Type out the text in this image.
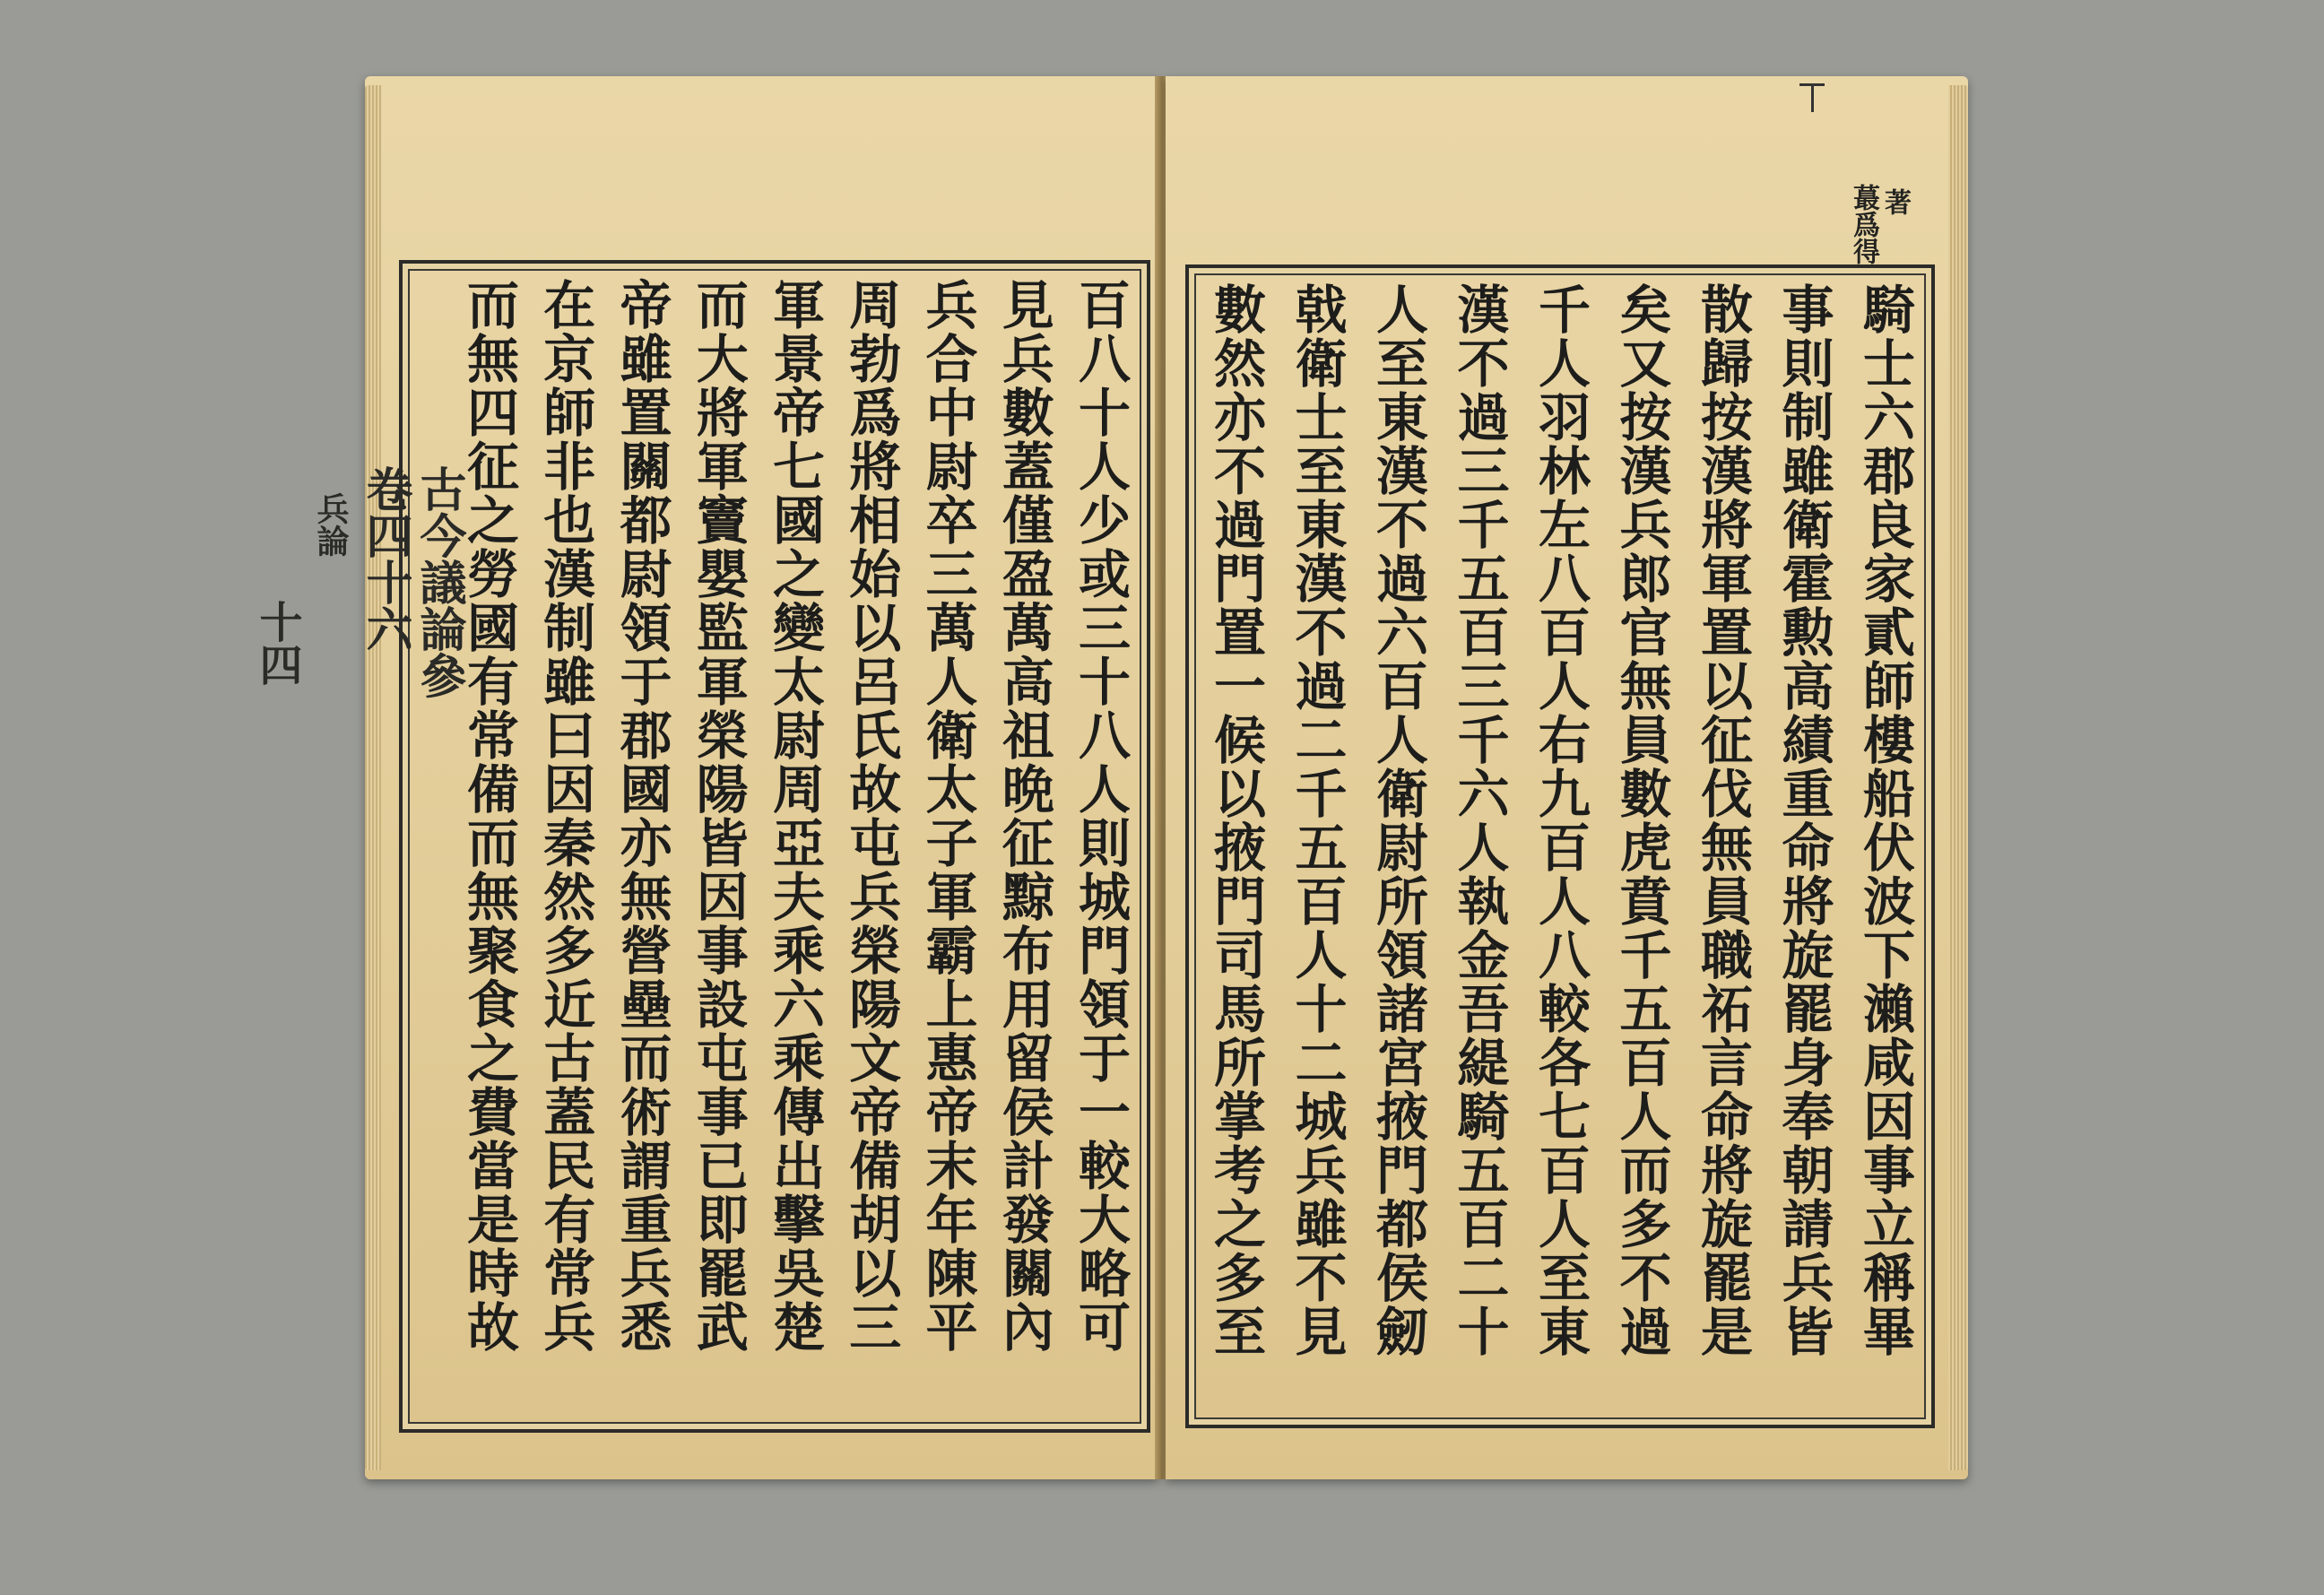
古今議論參
卷四十六
兵論
十四	百八十人少或三十八人則城門領于一較大略可
見兵數蓋僅盈萬高祖晩征黥布用留侯計發關內
兵合中尉卒三萬人衛太子軍霸上惠帝末年陳平
周勃爲將相始以呂氏故屯兵榮陽文帝備胡以三
軍景帝七國之變太尉周亞夫乘六乘傳出擊吳楚
而大將軍竇嬰監軍榮陽皆因事設屯事已即罷武
帝雖置關都尉領于郡國亦無營壘而術謂重兵悉
在京師非也漢制雖曰因秦然多近古蓋民有常兵
而無四征之勞國有常備而無聚食之費當是時故
蕞爲得 著
騎士六郡良家貳師樓船伏波下瀨咸因事立稱畢
事則制雖衛霍勲高績重命將旋罷身奉朝請兵皆
散歸按漢將軍置以征伐無員職祏言命將旋罷是
矣又按漢兵郎官無員數虎賁千五百人而多不過
千人羽林左八百人右九百人八較各七百人至東
漢不過三千五百三千六人執金吾緹騎五百二十
人至東漢不過六百人衛尉所領諸宮掖門都侯劒
戟衛士至東漢不過二千五百人十二城兵雖不見
數然亦不過門置一候以掖門司馬所掌考之多至
